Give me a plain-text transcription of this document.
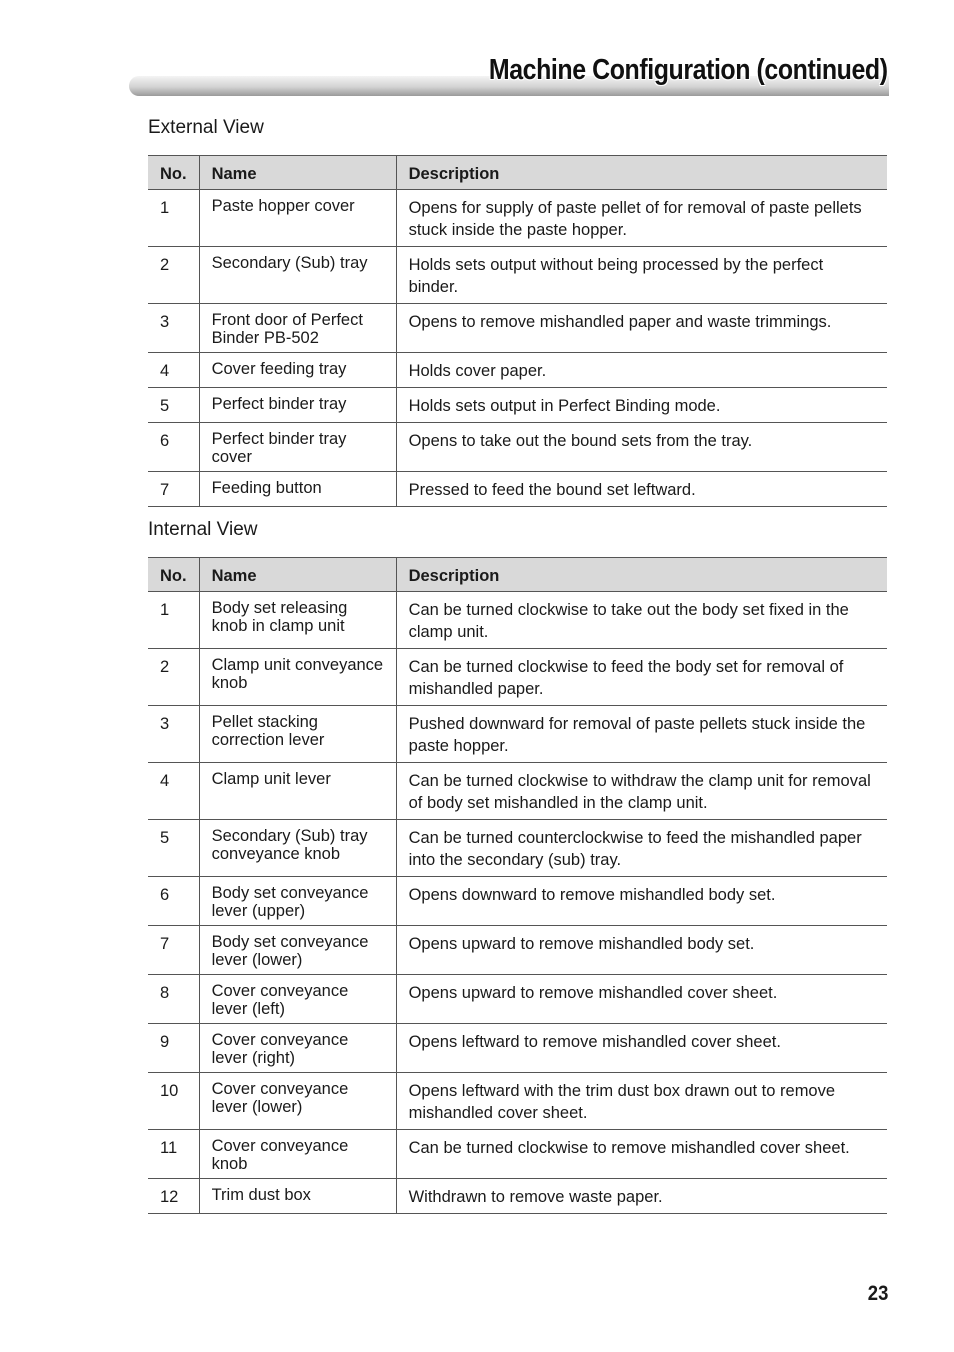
Machine Configuration (continued)
External View
No.	Name	Description
1	Paste hopper cover	Opens for supply of paste pellet of for removal of paste pellets stuck inside the paste hopper.
2	Secondary (Sub) tray	Holds sets output without being processed by the perfect binder.
3	Front door of Perfect Binder PB-502	Opens to remove mishandled paper and waste trimmings.
4	Cover feeding tray	Holds cover paper.
5	Perfect binder tray	Holds sets output in Perfect Binding mode.
6	Perfect binder tray cover	Opens to take out the bound sets from the tray.
7	Feeding button	Pressed to feed the bound set leftward.
Internal View
No.	Name	Description
1	Body set releasing knob in clamp unit	Can be turned clockwise to take out the body set fixed in the clamp unit.
2	Clamp unit conveyance knob	Can be turned clockwise to feed the body set for removal of mishandled paper.
3	Pellet stacking correction lever	Pushed downward for removal of paste pellets stuck inside the paste hopper.
4	Clamp unit lever	Can be turned clockwise to withdraw the clamp unit for removal of body set mishandled in the clamp unit.
5	Secondary (Sub) tray conveyance knob	Can be turned counterclockwise to feed the mishandled paper into the secondary (sub) tray.
6	Body set conveyance lever (upper)	Opens downward to remove mishandled body set.
7	Body set conveyance lever (lower)	Opens upward to remove mishandled body set.
8	Cover conveyance lever (left)	Opens upward to remove mishandled cover sheet.
9	Cover conveyance lever (right)	Opens leftward to remove mishandled cover sheet.
10	Cover conveyance lever (lower)	Opens leftward with the trim dust box drawn out to remove mishandled cover sheet.
11	Cover conveyance knob	Can be turned clockwise to remove mishandled cover sheet.
12	Trim dust box	Withdrawn to remove waste paper.
23
